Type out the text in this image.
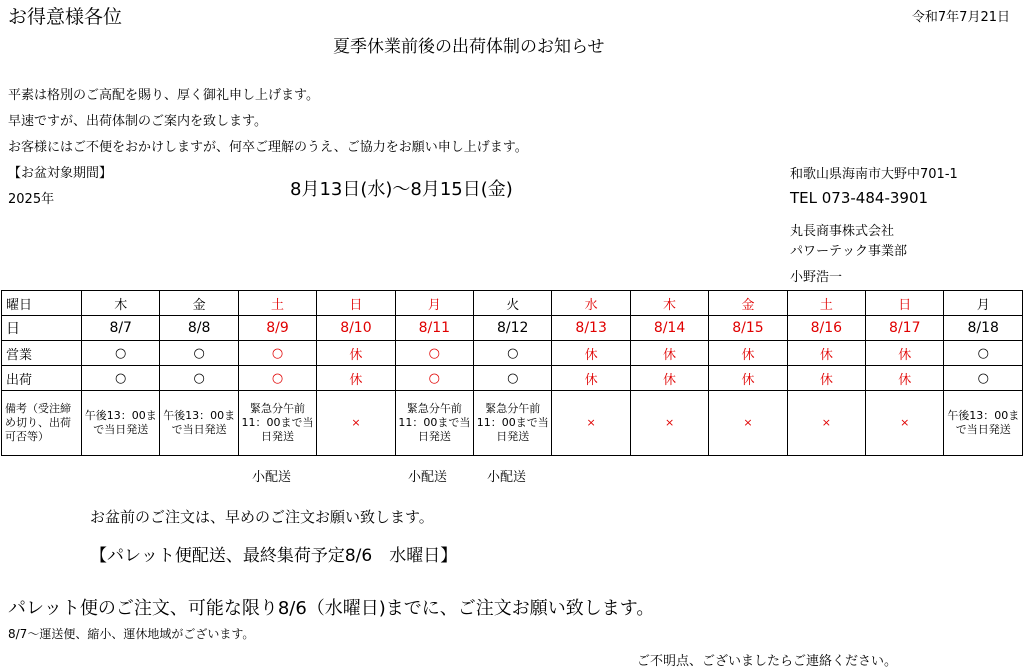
お得意様各位	令和7年7月21日
夏季休業前後の出荷体制のお知らせ
平素は格別のご高配を賜り、厚く御礼申し上げます。
早速ですが、出荷体制のご案内を致します。
お客様にはご不便をおかけしますが、何卒ご理解のうえ、ご協力をお願い申し上げます。
【お盆対象期間】
2025年	8月13日(水)～8月15日(金)
和歌山県海南市大野中701-1
TEL 073-484-3901
丸長商事株式会社
パワーテック事業部
小野浩一
曜日	木	金	土	日	月	火	水	木	金	土	日	月
日	8/7	8/8	8/9	8/10	8/11	8/12	8/13	8/14	8/15	8/16	8/17	8/18
営業	○	○	○	休	○	○	休	休	休	休	休	○
出荷	○	○	○	休	○	○	休	休	休	休	休	○
備考（受注締め切り、出荷可否等）	午後13：00まで当日発送	午後13：00まで当日発送	緊急分午前11：00まで当日発送	×	緊急分午前11：00まで当日発送	緊急分午前11：00まで当日発送	×	×	×	×	×	午後13：00まで当日発送
小配送	小配送	小配送
お盆前のご注文は、早めのご注文お願い致します。
【パレット便配送、最終集荷予定8/6　水曜日】
パレット便のご注文、可能な限り8/6（水曜日)までに、ご注文お願い致します。
8/7～運送便、縮小、運休地域がございます。
ご不明点、ございましたらご連絡ください。
